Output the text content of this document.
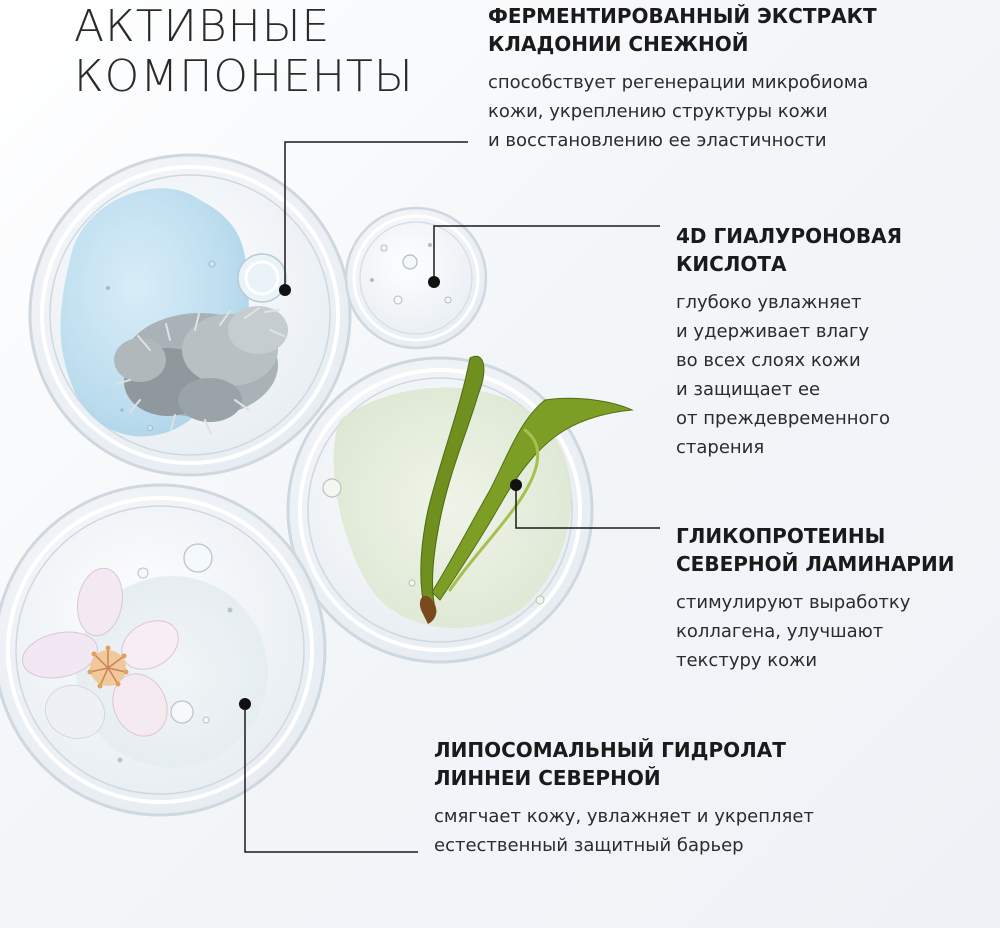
АКТИВНЫЕ
КОМПОНЕНТЫ
ФЕРМЕНТИРОВАННЫЙ ЭКСТРАКТ
КЛАДОНИИ СНЕЖНОЙ

способствует регенерации микробиома
кожи, укреплению структуры кожи
и восстановлению ее эластичности

4D ГИАЛУРОНОВАЯ
КИСЛОТА

глубоко увлажняет
и удерживает влагу
во всех слоях кожи
и защищает ее
от преждевременного
старения

ГЛИКОПРОТЕИНЫ
СЕВЕРНОЙ ЛАМИНАРИИ

стимулируют выработку
коллагена, улучшают
текстуру кожи

ЛИПОСОМАЛЬНЫЙ ГИДРОЛАТ
ЛИННЕИ СЕВЕРНОЙ

смягчает кожу, увлажняет и укрепляет
естественный защитный барьер
